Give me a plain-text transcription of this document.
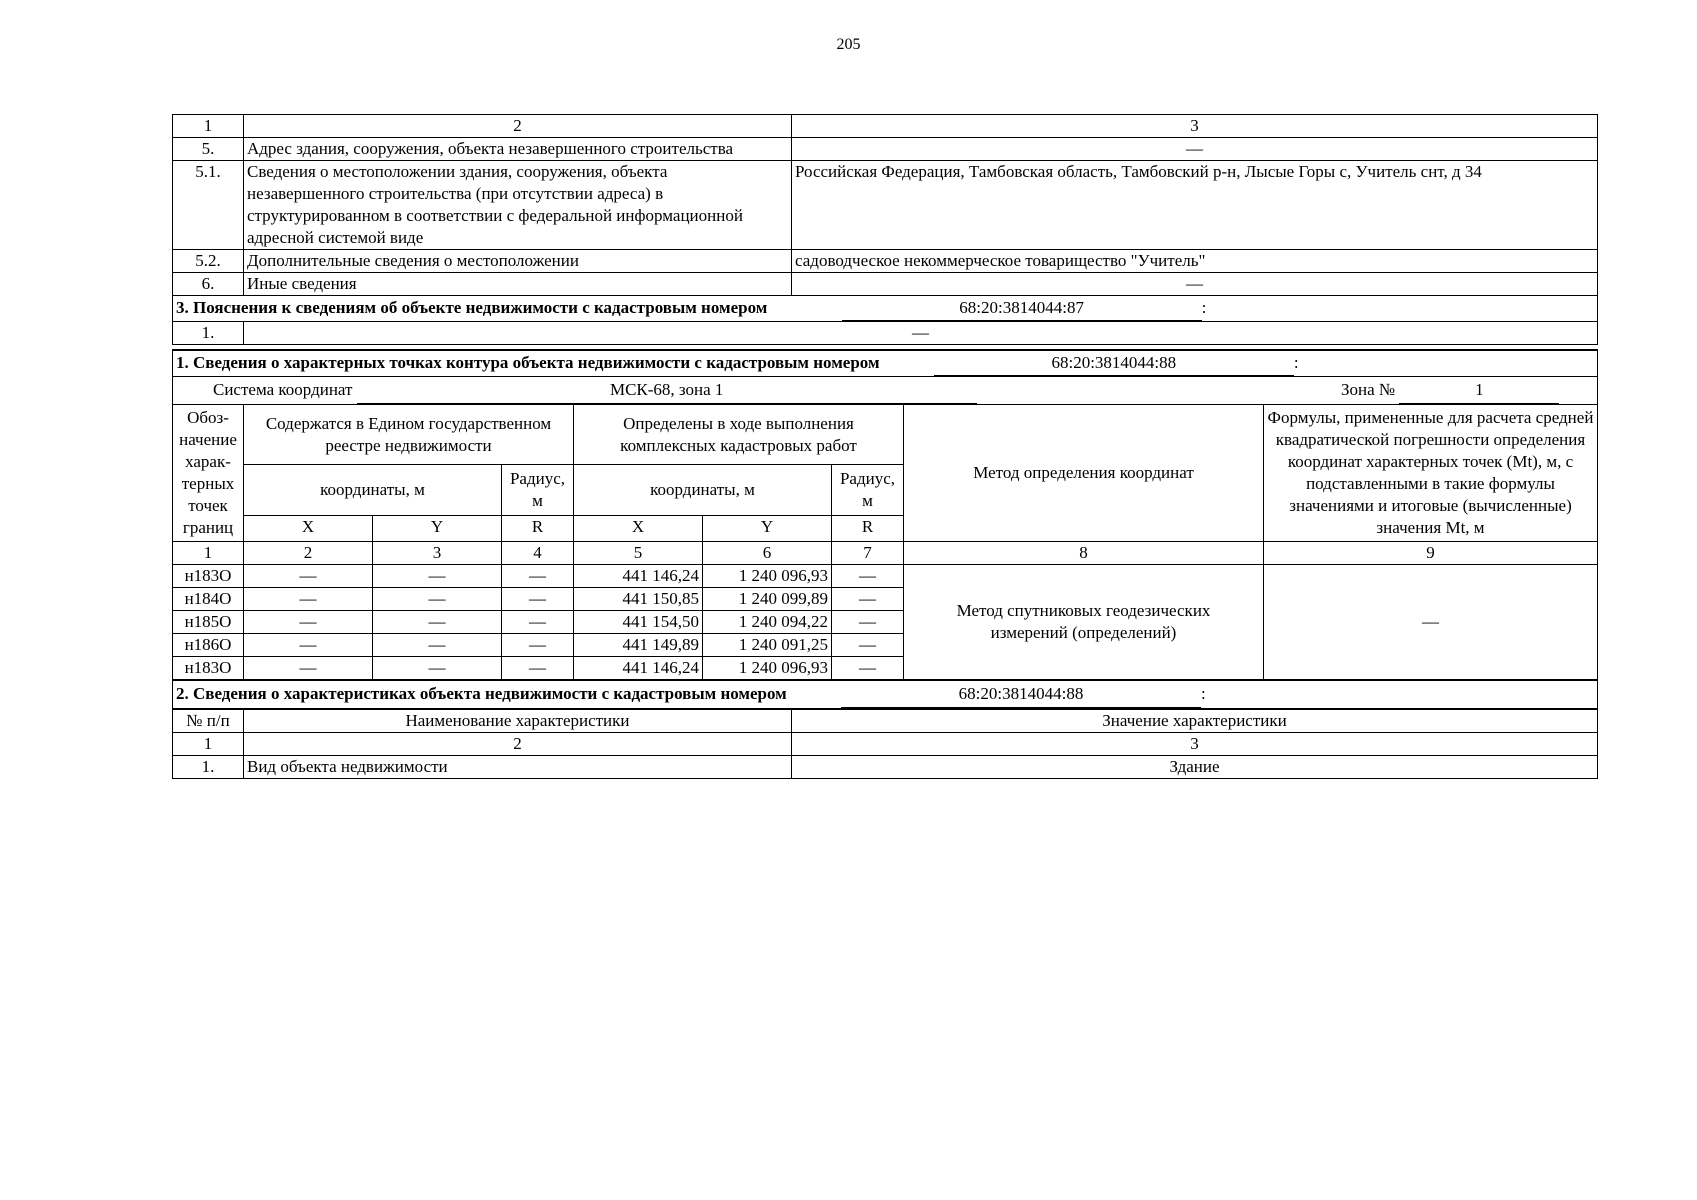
205
1	2	3
5.	Адрес здания, сооружения, объекта незавершенного строительства	—
5.1.	Сведения о местоположении здания, сооружения, объекта незавершенного строительства (при отсутствии адреса) в структурированном в соответствии с федеральной информационной адресной системой виде	Российская Федерация, Тамбовская область, Тамбовский р-н, Лысые Горы с, Учитель снт, д 34
5.2.	Дополнительные сведения о местоположении	садоводческое некоммерческое товарищество "Учитель"
6.	Иные сведения	—
3. Пояснения к сведениям об объекте недвижимости с кадастровым номером 68:20:3814044:87 :		
1.	—	
1. Сведения о характерных точках контура объекта недвижимости с кадастровым номером 68:20:3814044:88 :								
Система координат МСК-68, зона 1 Зона № 1								
Обоз-начение харак-терных точек границ	Содержатся в Едином государственном реестре недвижимости			Определены в ходе выполнения комплексных кадастровых работ			Метод определения координат	Формулы, примененные для расчета средней квадратической погрешности определения координат характерных точек (Mt), м, с подставленными в такие формулы значениями и итоговые (вычисленные) значения Mt, м
	координаты, м		Радиус, м	координаты, м		Радиус, м		
	X	Y	R	X	Y	R		
1	2	3	4	5	6	7	8	9
н183О	—	—	—	441 146,24	1 240 096,93	—	Метод спутниковых геодезических измерений (определений)	—
н184О	—	—	—	441 150,85	1 240 099,89	—		
н185О	—	—	—	441 154,50	1 240 094,22	—		
н186О	—	—	—	441 149,89	1 240 091,25	—		
н183О	—	—	—	441 146,24	1 240 096,93	—		
2. Сведения о характеристиках объекта недвижимости с кадастровым номером 68:20:3814044:88 :		
№ п/п	Наименование характеристики	Значение характеристики
1	2	3
1.	Вид объекта недвижимости	Здание
